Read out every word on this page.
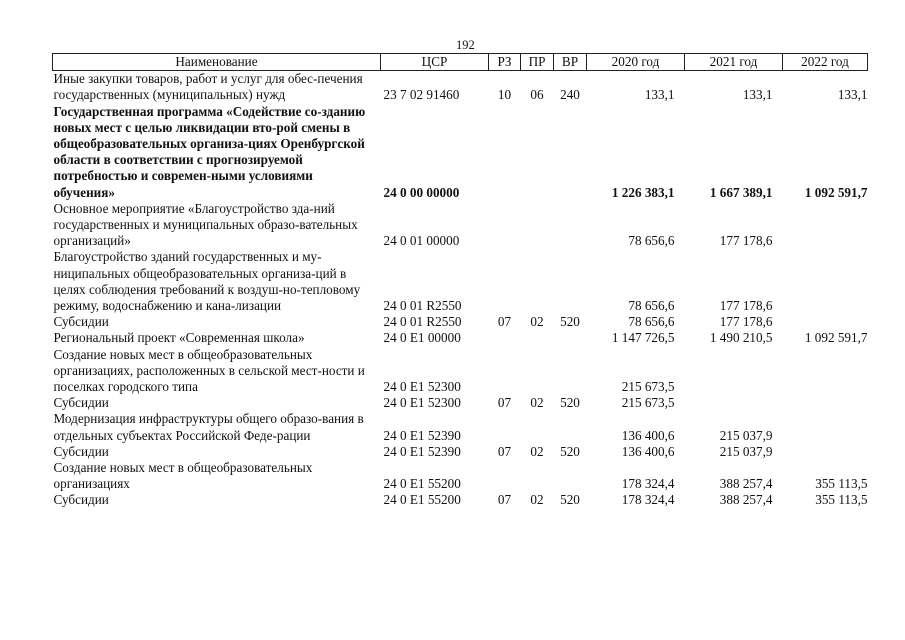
192
Наименование	ЦСР	РЗ	ПР	ВР	2020 год	2021 год	2022 год
Иные закупки товаров, работ и услуг для обес-печения государственных (муниципальных) нужд	23 7 02 91460	10	06	240	133,1	133,1	133,1
Государственная программа «Содействие со-зданию новых мест с целью ликвидации вто-рой смены в общеобразовательных организа-циях Оренбургской области в соответствии с прогнозируемой потребностью и современ-ными условиями обучения»	24 0 00 00000				1 226 383,1	1 667 389,1	1 092 591,7
Основное мероприятие «Благоустройство зда-ний государственных и муниципальных образо-вательных организаций»	24 0 01 00000				78 656,6	177 178,6	
Благоустройство зданий государственных и му-ниципальных общеобразовательных организа-ций в целях соблюдения требований к воздуш-но-тепловому режиму, водоснабжению и кана-лизации	24 0 01 R2550				78 656,6	177 178,6	
Субсидии	24 0 01 R2550	07	02	520	78 656,6	177 178,6	
Региональный проект «Современная школа»	24 0 E1 00000				1 147 726,5	1 490 210,5	1 092 591,7
Создание новых мест в общеобразовательных организациях, расположенных в сельской мест-ности и поселках городского типа	24 0 E1 52300				215 673,5		
Субсидии	24 0 E1 52300	07	02	520	215 673,5		
Модернизация инфраструктуры общего образо-вания в отдельных субъектах Российской Феде-рации	24 0 E1 52390				136 400,6	215 037,9	
Субсидии	24 0 E1 52390	07	02	520	136 400,6	215 037,9	
Создание новых мест в общеобразовательных организациях	24 0 E1 55200				178 324,4	388 257,4	355 113,5
Субсидии	24 0 E1 55200	07	02	520	178 324,4	388 257,4	355 113,5
